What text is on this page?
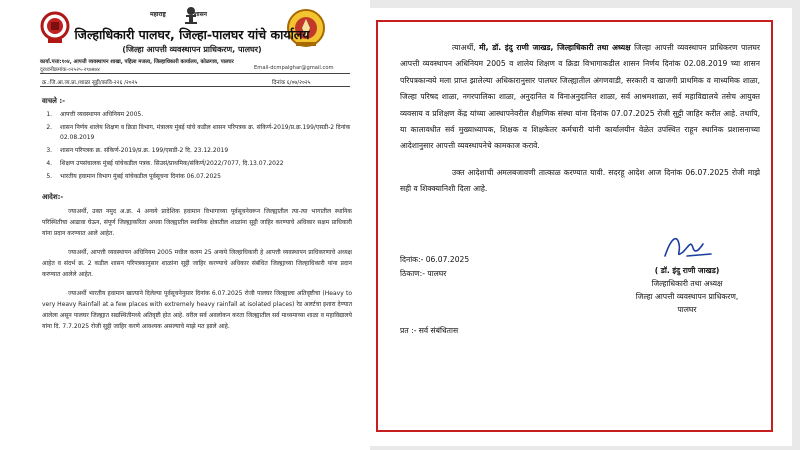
महाराष्ट्र	शासन
जिल्हाधिकारी पालघर, जिल्हा-पालघर यांचे कार्यालय
(जिल्हा आपत्ती व्यवस्थापन प्राधिकरण, पालघर)
कार्या.पत्ता:१०४, आपत्ती व्यवस्थापन शाखा, पहिला मजला, जिल्हाधिकारी कार्यालय, कोळगाव, पालघर
दूरध्वनीक्रमांक-०२५२५-२९७४७४	Email-dcmpalghar@gmail.com
क्र.:जि.आ.व्य.प्रा./शाळा सुट्टी/कावि-२२६ /२०२५	दिनांक ६/०७/२०२५
वाचले :-
1. आपत्ती व्यवस्थापन अधिनियम 2005.
2. शासन निर्णय शालेय शिक्षण व क्रिडा विभाग, मंत्रालय मुंबई यांचे कडील शासन परिपत्रक क्र. संकिर्ण-2019/प्र.क्र.199/एसडी-2 दिनांक 02.08.2019
3. शासन परिपत्रक क्र. संकिर्ण-2019/प्र.क्र. 199/एसडी-2 दि. 23.12.2019
4. शिक्षण उपसंचालक मुंबई यांचेकडील पत्रक. सिउसं/प्राथमिक/संकिर्ण/2022/7077, दि.13.07.2022
5. भारतीय हवामान विभाग मुंबई यांचेकडील पूर्वसूचना दिनांक 06.07.2025
आदेश:-

ज्याअर्थी, उक्त नमुद अ.क्र. 4 अन्वये प्रादेशिक हवामान विभागाच्या पूर्वसूचनेवरून जिल्ह्यातील त्या-त्या भागातील स्थानिक परिस्थितीचा आढावा घेऊन, संपूर्ण जिल्ह्याकरिता अथवा जिल्ह्यातील स्थानिक क्षेत्रातील शाळांना सुट्टी जाहिर करण्याचे अधिकार सक्षम प्राधिकारी यांना प्रदान करण्यात आले आहेत.

ज्याअर्थी, आपत्ती व्यवस्थापन अधिनियम 2005 मधील कलम 25 अन्वये जिल्हाधिकारी हे आपत्ती व्यवस्थापन प्राधिकरणाचे अध्यक्ष आहेत व संदर्भ क्र. 2 कडील शासन परिपत्रकानुसार शाळांना सुट्टी जाहिर करण्याचे अधिकार संबंधित जिल्ह्याच्या जिल्हाधिकारी यांना प्रदान करण्यात आलेले आहेत.

ज्याअर्थी भारतीय हवामान खात्याने दिलेल्या पूर्वसूचनेनुसार दिनांक 6.07.2025 रोजी पालघर जिल्ह्याला अतिवृष्टीचा (Heavy to very Heavy Rainfall at a few places with extremely heavy rainfall at isolated places) रेड अलर्टचा इशारा देण्यात आलेला असून पालघर जिल्ह्यात सद्यस्थितीमध्ये अतिवृष्टी होत आहे. वरील सर्व अवलोकन करता जिल्ह्यातील सर्व माध्यमाच्या शाळा व महाविद्यालये यांना दि. 7.7.2025 रोजी सुट्टी जाहिर करणे आवश्यक असल्याचे माझे मत झाले आहे.

त्याअर्थी, मी, डॉ. इंदु राणी जाखड, जिल्हाधिकारी तथा अध्यक्ष जिल्हा आपत्ती व्यवस्थापन प्राधिकरण पालघर आपत्ती व्यवस्थापन अधिनियम 2005 व शालेय शिक्षण व क्रिडा विभागाकडील शासन निर्णय दिनांक 02.08.2019 च्या शासन परिपत्रकान्वये मला प्राप्त झालेल्या अधिकारानुसार पालघर जिल्ह्यातील अंगणवाडी, सरकारी व खाजगी प्राथमिक व माध्यमिक शाळा, जिल्हा परिषद शाळा, नगरपालिका शाळा, अनुदानित व विनाअनुदानित शाळा, सर्व आश्रमशाळा, सर्व महाविद्यालये तसेच आयुक्त व्यवसाय व प्रशिक्षण केंद्र यांच्या आस्थापनेवरील शैक्षणिक संस्था यांना दिनांक 07.07.2025 रोजी सुट्टी जाहिर करीत आहे. तथापि, या कालावधीत सर्व मुख्याध्यापक, शिक्षक व शिक्षकेतर कर्मचारी यांनी कार्यालयीन वेळेत उपस्थित राहून स्थानिक प्रशासनाच्या आदेशानुसार आपत्ती व्यवस्थापनेचे कामकाज करावे.

उक्त आदेशाची अमलबजावणी तात्काळ करण्यात यावी. सदरहू आदेश आज दिनांक 06.07.2025 रोजी माझे सही व शिक्क्यानिशी दिला आहे.

दिनांक:- 06.07.2025
ठिकाण:- पालघर	( डॉ. इंदु राणी जाखड)
जिल्हाधिकारी तथा अध्यक्ष
जिल्हा आपत्ती व्यवस्थापन प्राधिकरण,
पालघर
प्रत :- सर्व संबंधितास
